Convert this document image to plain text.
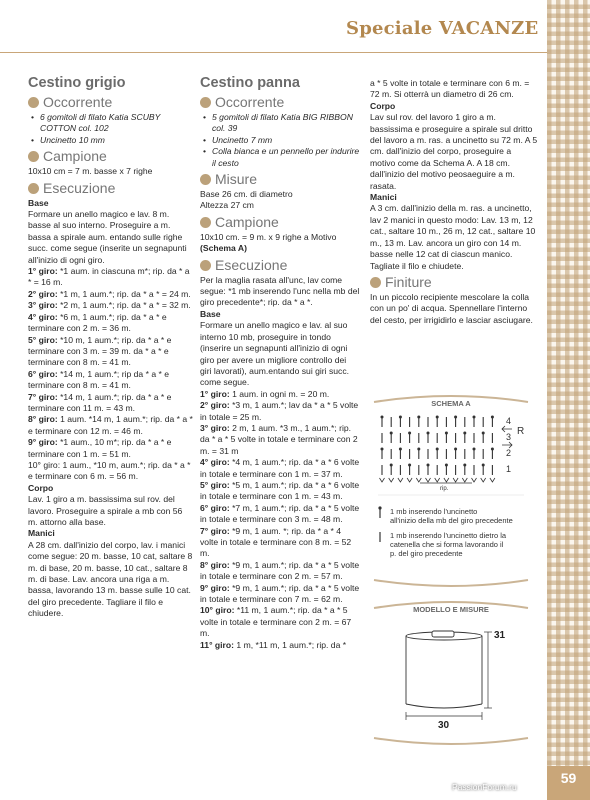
Speciale VACANZE
Cestino grigio
Occorrente
• 6 gomitoli di filato Katia SCUBY COTTON col. 102
• Uncinetto 10 mm
Campione

10x10 cm = 7 m. basse x 7 righe

Esecuzione

Base

Formare un anello magico e lav. 8 m. basse al suo interno. Proseguire a m. bassa a spirale aum. entando sulle righe succ. come segue (inserite un segnapunti all'inizio di ogni giro.

1° giro: *1 aum. in ciascuna m*; rip. da * a * = 16 m.

2° giro: *1 m, 1 aum.*; rip. da * a * = 24 m.

3° giro: *2 m, 1 aum.*; rip. da * a * = 32 m.

4° giro: *6 m, 1 aum.*; rip. da * a * e terminare con 2 m. = 36 m.

5° giro: *10 m, 1 aum.*; rip. da * a * e terminare con 3 m. = 39 m. da * a * e terminare con 8 m. = 41 m.

6° giro: *14 m, 1 aum.*; rip da * a * e terminare con 8 m. = 41 m.

7° giro: *14 m, 1 aum.*; rip. da * a * e terminare con 11 m. = 43 m.

8° giro: 1 aum. *14 m, 1 aum.*; rip. da * a * e terminare con 12 m. = 46 m.

9° giro: *1 aum., 10 m*; rip. da * a * e terminare con 1 m. = 51 m.

10° giro: 1 aum., *10 m, aum.*; rip. da * a * e terminare con 6 m. = 56 m.

Corpo

Lav. 1 giro a m. bassissima sul rov. del lavoro. Proseguire a spirale a mb con 56 m. attorno alla base.

Manici

A 28 cm. dall'inizio del corpo, lav. i manici come segue: 20 m. basse, 10 cat, saltare 8 m. di base, 20 m. basse, 10 cat., saltare 8 m. di base. Lav. ancora una riga a m. bassa, lavorando 13 m. basse sulle 10 cat. del giro precedente. Tagliare il filo e chiudere.

Cestino panna
Occorrente
• 5 gomitoli di filato Katia BIG RIBBON col. 39
• Uncinetto 7 mm
• Colla bianca e un pennello per indurire il cesto
Misure

Base 26 cm. di diametro

Altezza 27 cm

Campione

10x10 cm. = 9 m. x 9 righe a Motivo

(Schema A)

Esecuzione

Per la maglia rasata all'unc, lav come segue: *1 mb inserendo l'unc nella mb del giro precedente*; rip. da * a *.

Base

Formare un anello magico e lav. al suo interno 10 mb, proseguire in tondo (inserire un segnapunti all'inizio di ogni giro per avere un migliore controllo dei giri lavorati), aum.entando sui giri succ. come segue.

1° giro: 1 aum. in ogni m. = 20 m.

2° giro: *3 m, 1 aum.*; lav da * a * 5 volte in totale = 25 m.

3° giro: 2 m, 1 aum. *3 m., 1 aum.*; rip. da * a * 5 volte in totale e terminare con 2 m. = 31 m

4° giro: *4 m, 1 aum.*; rip. da * a * 6 volte in totale e terminare con 1 m. = 37 m.

5° giro: *5 m, 1 aum.*; rip. da * a * 6 volte in totale e terminare con 1 m. = 43 m.

6° giro: *7 m, 1 aum.*; rip. da * a * 5 volte in totale e terminare con 3 m. = 48 m.

7° giro: *9 m, 1 aum. *; rip. da * a * 4 volte in totale e terminare con 8 m. = 52 m.

8° giro: *9 m, 1 aum.*; rip. da * a * 5 volte in totale e terminare con 2 m. = 57 m.

9° giro: *9 m, 1 aum.*; rip. da * a * 5 volte in totale e terminare con 7 m. = 62 m.

10° giro: *11 m, 1 aum.*; rip. da * a * 5 volte in totale e terminare con 2 m. = 67 m.

11° giro: 1 m, *11 m, 1 aum.*; rip. da *

a * 5 volte in totale e terminare con 6 m. = 72 m. Si otterrà un diametro di 26 cm.

Corpo

Lav sul rov. del lavoro 1 giro a m. bassissima e proseguire a spirale sul dritto del lavoro a m. ras. a uncinetto su 72 m. A 5 cm. dall'inizio del corpo, proseguire a motivo come da Schema A. A 18 cm. dall'inizio del motivo peosaeguire a m. rasata.

Manici

A 3 cm. dall'inizio della m. ras. a uncinetto, lav 2 manici in questo modo: Lav. 13 m, 12 cat., saltare 10 m., 26 m, 12 cat., saltare 10 m., 13 m. Lav. ancora un giro con 14 m. basse nelle 12 cat di ciascun manico. Tagliate il filo e chiudete.

Finiture

In un piccolo recipiente mescolare la colla con un po' di acqua. Spennellare l'interno del cesto, per irrigidirlo e lasciar asciugare.

SCHEMA A
4
3
2
1
R
rip.
1 mb inserendo l'uncinetto all'inizio della mb del giro precedente
1 mb inserendo l'uncinetto dietro la catenella che si forma lavorando il p. del giro precedente
MODELLO E MISURE
31
30
59
PassionForum.ru
